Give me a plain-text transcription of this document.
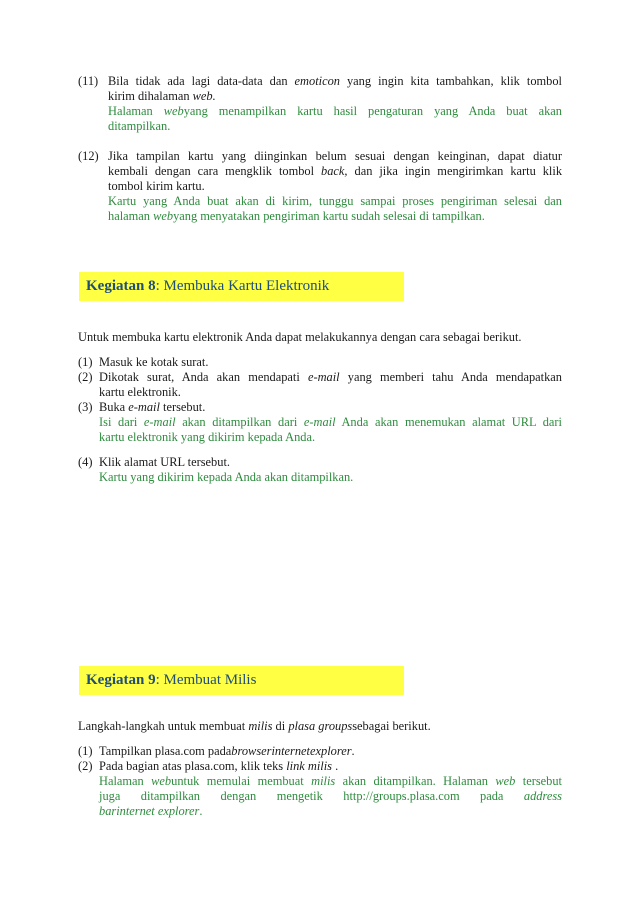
(11) Bila tidak ada lagi data-data dan emoticon yang ingin kita tambahkan, klik tombol
kirim dihalaman web.
Halaman webyang menampilkan kartu hasil pengaturan yang Anda buat akan
ditampilkan.
(12) Jika tampilan kartu yang diinginkan belum sesuai dengan keinginan, dapat diatur
kembali dengan cara mengklik tombol back, dan jika ingin mengirimkan kartu klik
tombol kirim kartu.
Kartu yang Anda buat akan di kirim, tunggu sampai proses pengiriman selesai dan
halaman webyang menyatakan pengiriman kartu sudah selesai di tampilkan.
Kegiatan 8: Membuka Kartu Elektronik
Untuk membuka kartu elektronik Anda dapat melakukannya dengan cara sebagai berikut.
(1) Masuk ke kotak surat.
(2) Dikotak surat, Anda akan mendapati e-mail yang memberi tahu Anda mendapatkan
kartu elektronik.
(3) Buka e-mail tersebut.
Isi dari e-mail akan ditampilkan dari e-mail Anda akan menemukan alamat URL dari
kartu elektronik yang dikirim kepada Anda.
(4) Klik alamat URL tersebut.
Kartu yang dikirim kepada Anda akan ditampilkan.
Kegiatan 9: Membuat Milis
Langkah-langkah untuk membuat milis di plasa groupssebagai berikut.
(1) Tampilkan plasa.com padabrowserinternetexplorer.
(2) Pada bagian atas plasa.com, klik teks link milis .
Halaman webuntuk memulai membuat milis akan ditampilkan. Halaman web tersebut
juga ditampilkan dengan mengetik http://groups.plasa.com pada address
barinternet explorer.
